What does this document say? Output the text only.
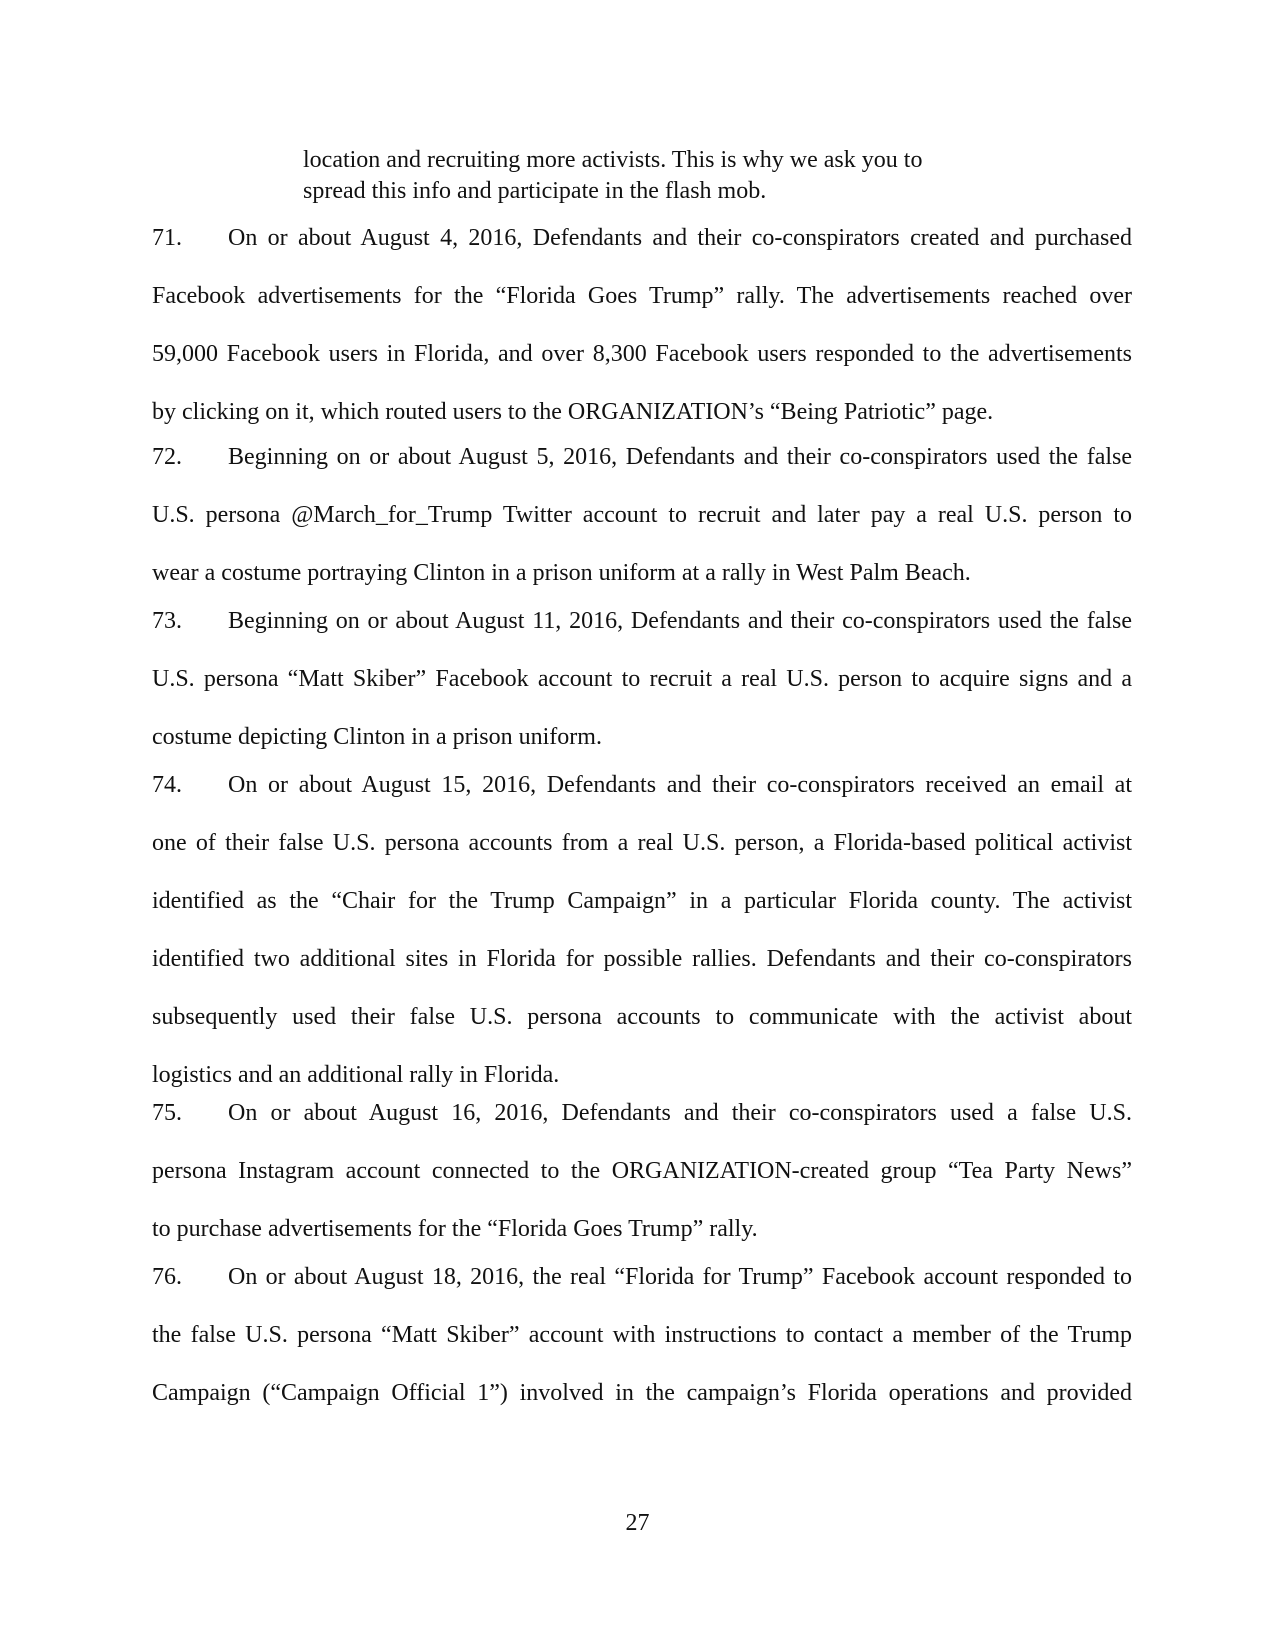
location and recruiting more activists. This is why we ask you to
spread this info and participate in the flash mob.
71. On or about August 4, 2016, Defendants and their co-conspirators created and purchased
Facebook advertisements for the “Florida Goes Trump” rally. The advertisements reached over
59,000 Facebook users in Florida, and over 8,300 Facebook users responded to the advertisements
by clicking on it, which routed users to the ORGANIZATION’s “Being Patriotic” page.
72. Beginning on or about August 5, 2016, Defendants and their co-conspirators used the false
U.S. persona @March_for_Trump Twitter account to recruit and later pay a real U.S. person to
wear a costume portraying Clinton in a prison uniform at a rally in West Palm Beach.
73. Beginning on or about August 11, 2016, Defendants and their co-conspirators used the false
U.S. persona “Matt Skiber” Facebook account to recruit a real U.S. person to acquire signs and a
costume depicting Clinton in a prison uniform.
74. On or about August 15, 2016, Defendants and their co-conspirators received an email at
one of their false U.S. persona accounts from a real U.S. person, a Florida-based political activist
identified as the “Chair for the Trump Campaign” in a particular Florida county. The activist
identified two additional sites in Florida for possible rallies. Defendants and their co-conspirators
subsequently used their false U.S. persona accounts to communicate with the activist about
logistics and an additional rally in Florida.
75. On or about August 16, 2016, Defendants and their co-conspirators used a false U.S.
persona Instagram account connected to the ORGANIZATION-created group “Tea Party News”
to purchase advertisements for the “Florida Goes Trump” rally.
76. On or about August 18, 2016, the real “Florida for Trump” Facebook account responded to
the false U.S. persona “Matt Skiber” account with instructions to contact a member of the Trump
Campaign (“Campaign Official 1”) involved in the campaign’s Florida operations and provided
27
